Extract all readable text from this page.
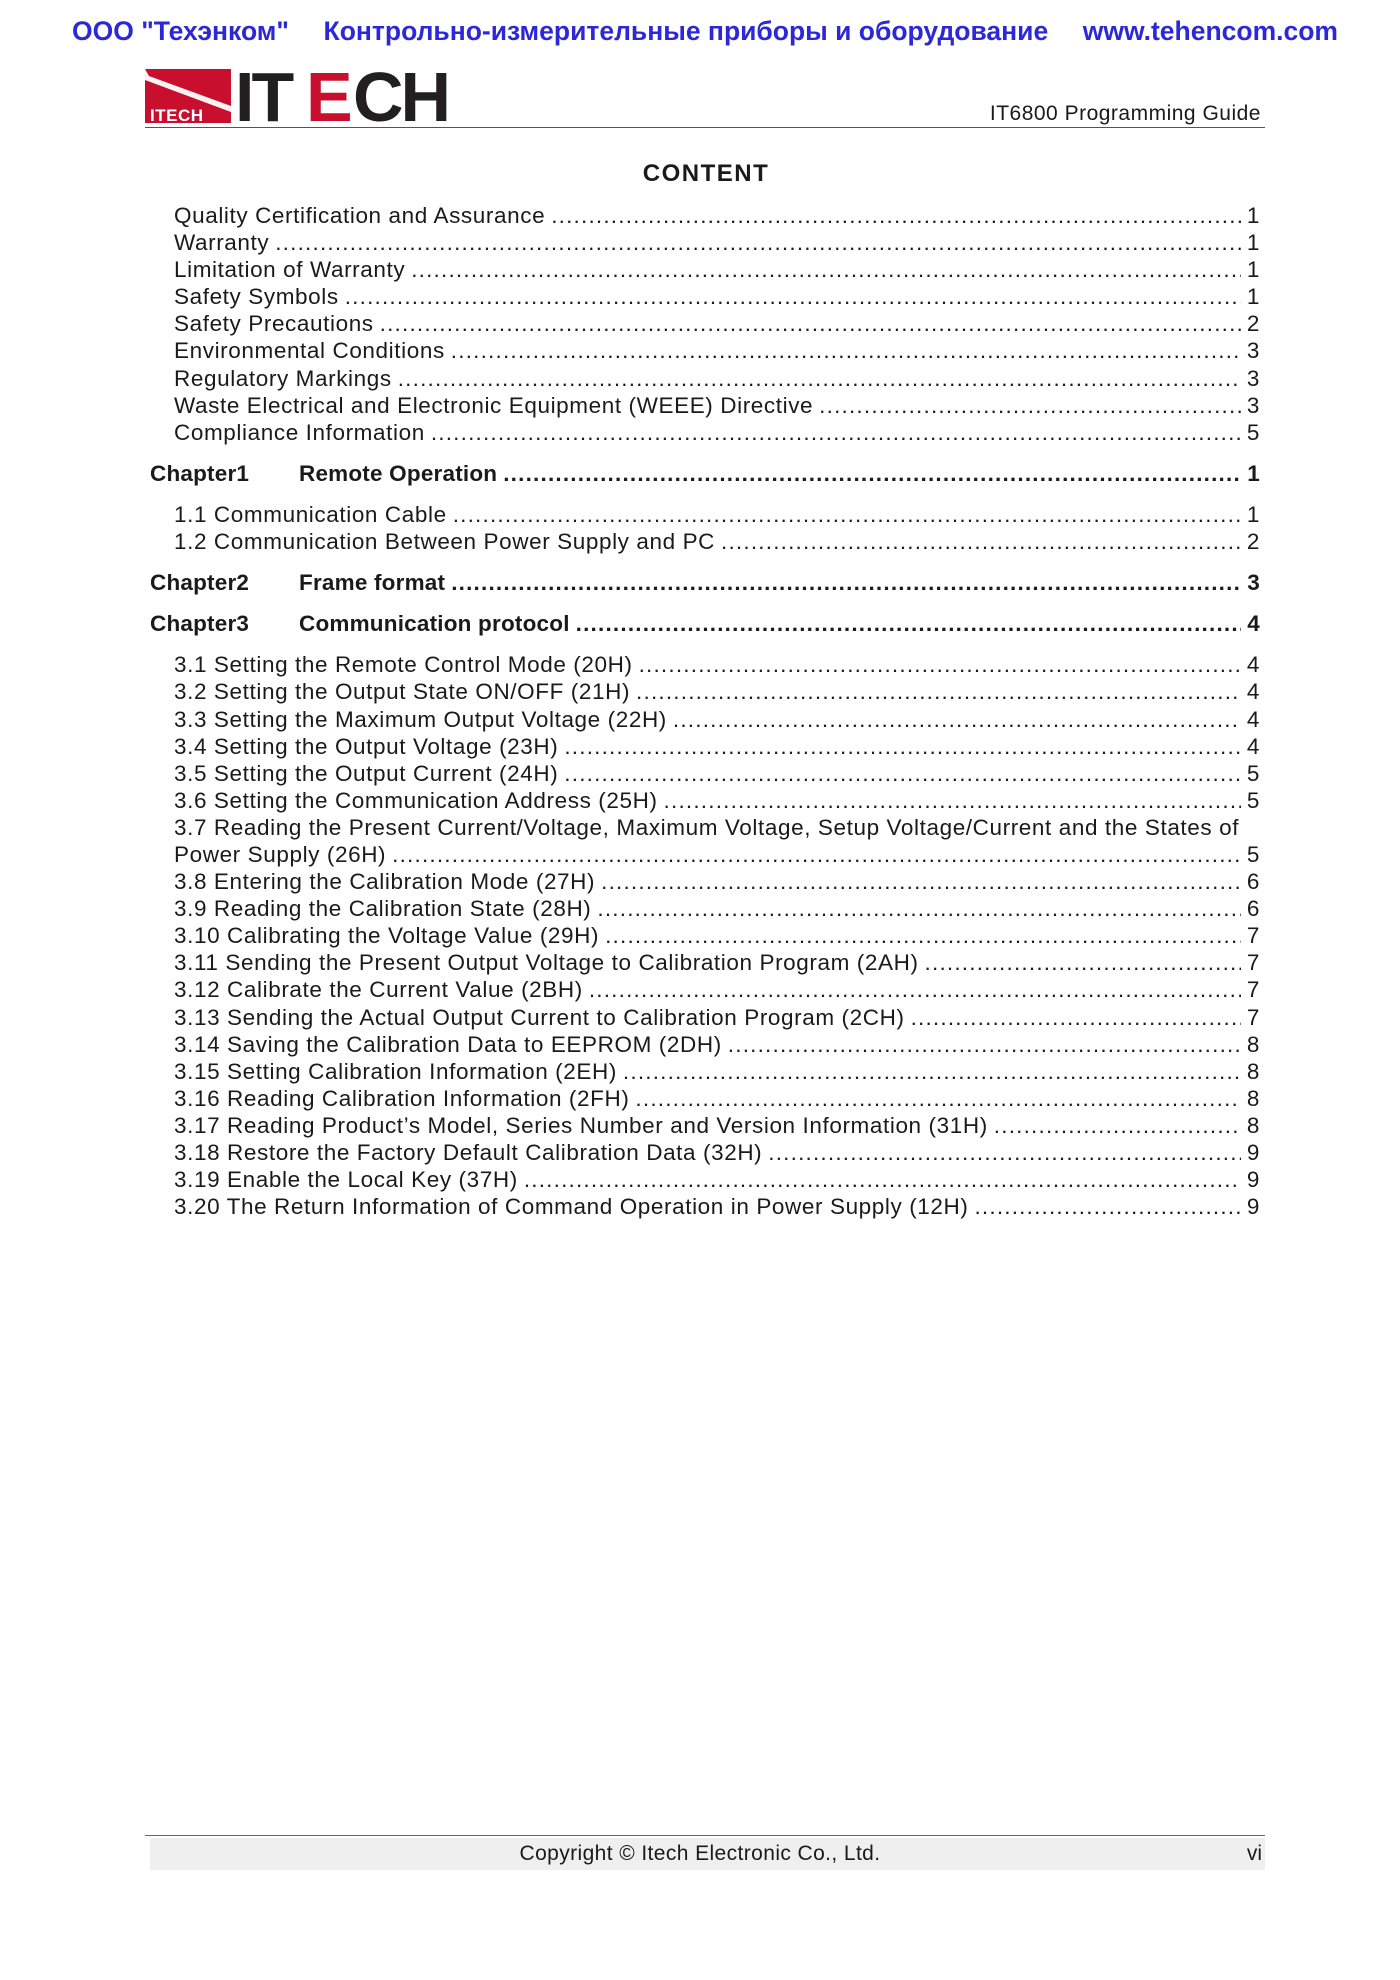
ООО "Техэнком" Контрольно-измерительные приборы и оборудование www.tehencom.com
ITECH IT E CH	IT6800 Programming Guide
CONTENT
Quality Certification and Assurance .....	1
Warranty .....	1
Limitation of Warranty .....	1
Safety Symbols .....	1
Safety Precautions .....	2
Environmental Conditions .....	3
Regulatory Markings .....	3
Waste Electrical and Electronic Equipment (WEEE) Directive .....	3
Compliance Information .....	5
Chapter1 Remote Operation .....	1
1.1 Communication Cable .....	1
1.2 Communication Between Power Supply and PC .....	2
Chapter2 Frame format .....	3
Chapter3 Communication protocol .....	4
3.1 Setting the Remote Control Mode (20H) .....	4
3.2 Setting the Output State ON/OFF (21H) .....	4
3.3 Setting the Maximum Output Voltage (22H) .....	4
3.4 Setting the Output Voltage (23H) .....	4
3.5 Setting the Output Current (24H) .....	5
3.6 Setting the Communication Address (25H) .....	5
3.7 Reading the Present Current/Voltage, Maximum Voltage, Setup Voltage/Current and the States of
Power Supply (26H) .....	5
3.8 Entering the Calibration Mode (27H) .....	6
3.9 Reading the Calibration State (28H) .....	6
3.10 Calibrating the Voltage Value (29H) .....	7
3.11 Sending the Present Output Voltage to Calibration Program (2AH) .....	7
3.12 Calibrate the Current Value (2BH) .....	7
3.13 Sending the Actual Output Current to Calibration Program (2CH) .....	7
3.14 Saving the Calibration Data to EEPROM (2DH) .....	8
3.15 Setting Calibration Information (2EH) .....	8
3.16 Reading Calibration Information (2FH) .....	8
3.17 Reading Product’s Model, Series Number and Version Information (31H) .....	8
3.18 Restore the Factory Default Calibration Data (32H) .....	9
3.19 Enable the Local Key (37H) .....	9
3.20 The Return Information of Command Operation in Power Supply (12H) .....	9
Copyright © Itech Electronic Co., Ltd.	vi
